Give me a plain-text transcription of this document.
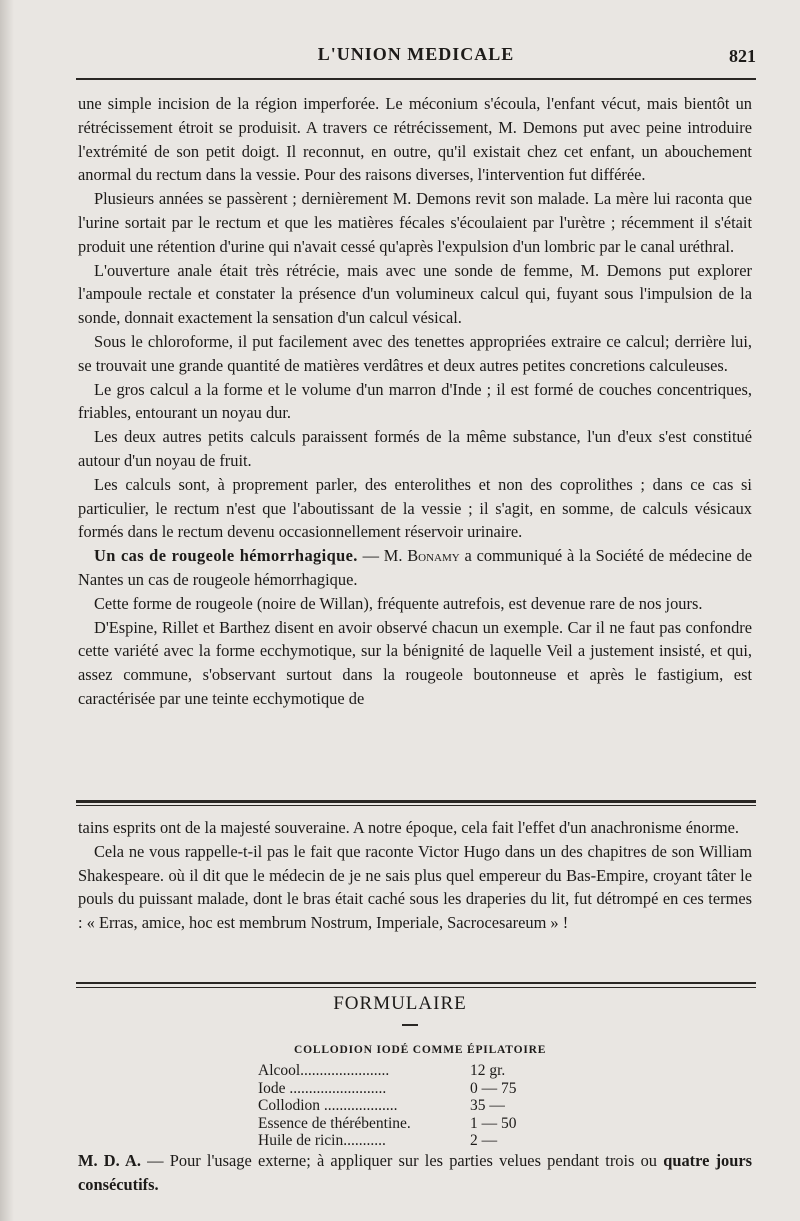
L'UNION MEDICALE	821

une simple incision de la région imperforée. Le méconium s'écoula, l'enfant vécut, mais bientôt un rétrécissement étroit se produisit. A travers ce rétrécissement, M. Demons put avec peine introduire l'extrémité de son petit doigt. Il reconnut, en outre, qu'il existait chez cet enfant, un abouchement anormal du rectum dans la vessie. Pour des raisons diverses, l'intervention fut différée.

Plusieurs années se passèrent ; dernièrement M. Demons revit son malade. La mère lui raconta que l'urine sortait par le rectum et que les matières fécales s'écoulaient par l'urètre ; récemment il s'était produit une rétention d'urine qui n'avait cessé qu'après l'expulsion d'un lombric par le canal uréthral.

L'ouverture anale était très rétrécie, mais avec une sonde de femme, M. Demons put explorer l'ampoule rectale et constater la présence d'un volumineux calcul qui, fuyant sous l'impulsion de la sonde, donnait exactement la sensation d'un calcul vésical.

Sous le chloroforme, il put facilement avec des tenettes appropriées extraire ce calcul; derrière lui, se trouvait une grande quantité de matières verdâtres et deux autres petites concretions calculeuses.

Le gros calcul a la forme et le volume d'un marron d'Inde ; il est formé de couches concentriques, friables, entourant un noyau dur.

Les deux autres petits calculs paraissent formés de la même substance, l'un d'eux s'est constitué autour d'un noyau de fruit.

Les calculs sont, à proprement parler, des enterolithes et non des coprolithes ; dans ce cas si particulier, le rectum n'est que l'aboutissant de la vessie ; il s'agit, en somme, de calculs vésicaux formés dans le rectum devenu occasionnellement réservoir urinaire.

Un cas de rougeole hémorrhagique. — M. Bonamy a communiqué à la Société de médecine de Nantes un cas de rougeole hémorrhagique.

Cette forme de rougeole (noire de Willan), fréquente autrefois, est devenue rare de nos jours.

D'Espine, Rillet et Barthez disent en avoir observé chacun un exemple. Car il ne faut pas confondre cette variété avec la forme ecchymotique, sur la bénignité de laquelle Veil a justement insisté, et qui, assez commune, s'observant surtout dans la rougeole boutonneuse et après le fastigium, est caractérisée par une teinte ecchymotique de

tains esprits ont de la majesté souveraine. A notre époque, cela fait l'effet d'un anachronisme énorme.

Cela ne vous rappelle-t-il pas le fait que raconte Victor Hugo dans un des chapitres de son William Shakespeare. où il dit que le médecin de je ne sais plus quel empereur du Bas-Empire, croyant tâter le pouls du puissant malade, dont le bras était caché sous les draperies du lit, fut détrompé en ces termes : « Erras, amice, hoc est membrum Nostrum, Imperiale, Sacrocesareum » !

FORMULAIRE
COLLODION IODÉ COMME ÉPILATOIRE
Alcool.......................	12 gr.
Iode .........................	0 — 75
Collodion ...................	35 —
Essence de thérébentine.	1 — 50
Huile de ricin...........	2 —
M. D. A. — Pour l'usage externe; à appliquer sur les parties velues pendant trois ou quatre jours consécutifs.
